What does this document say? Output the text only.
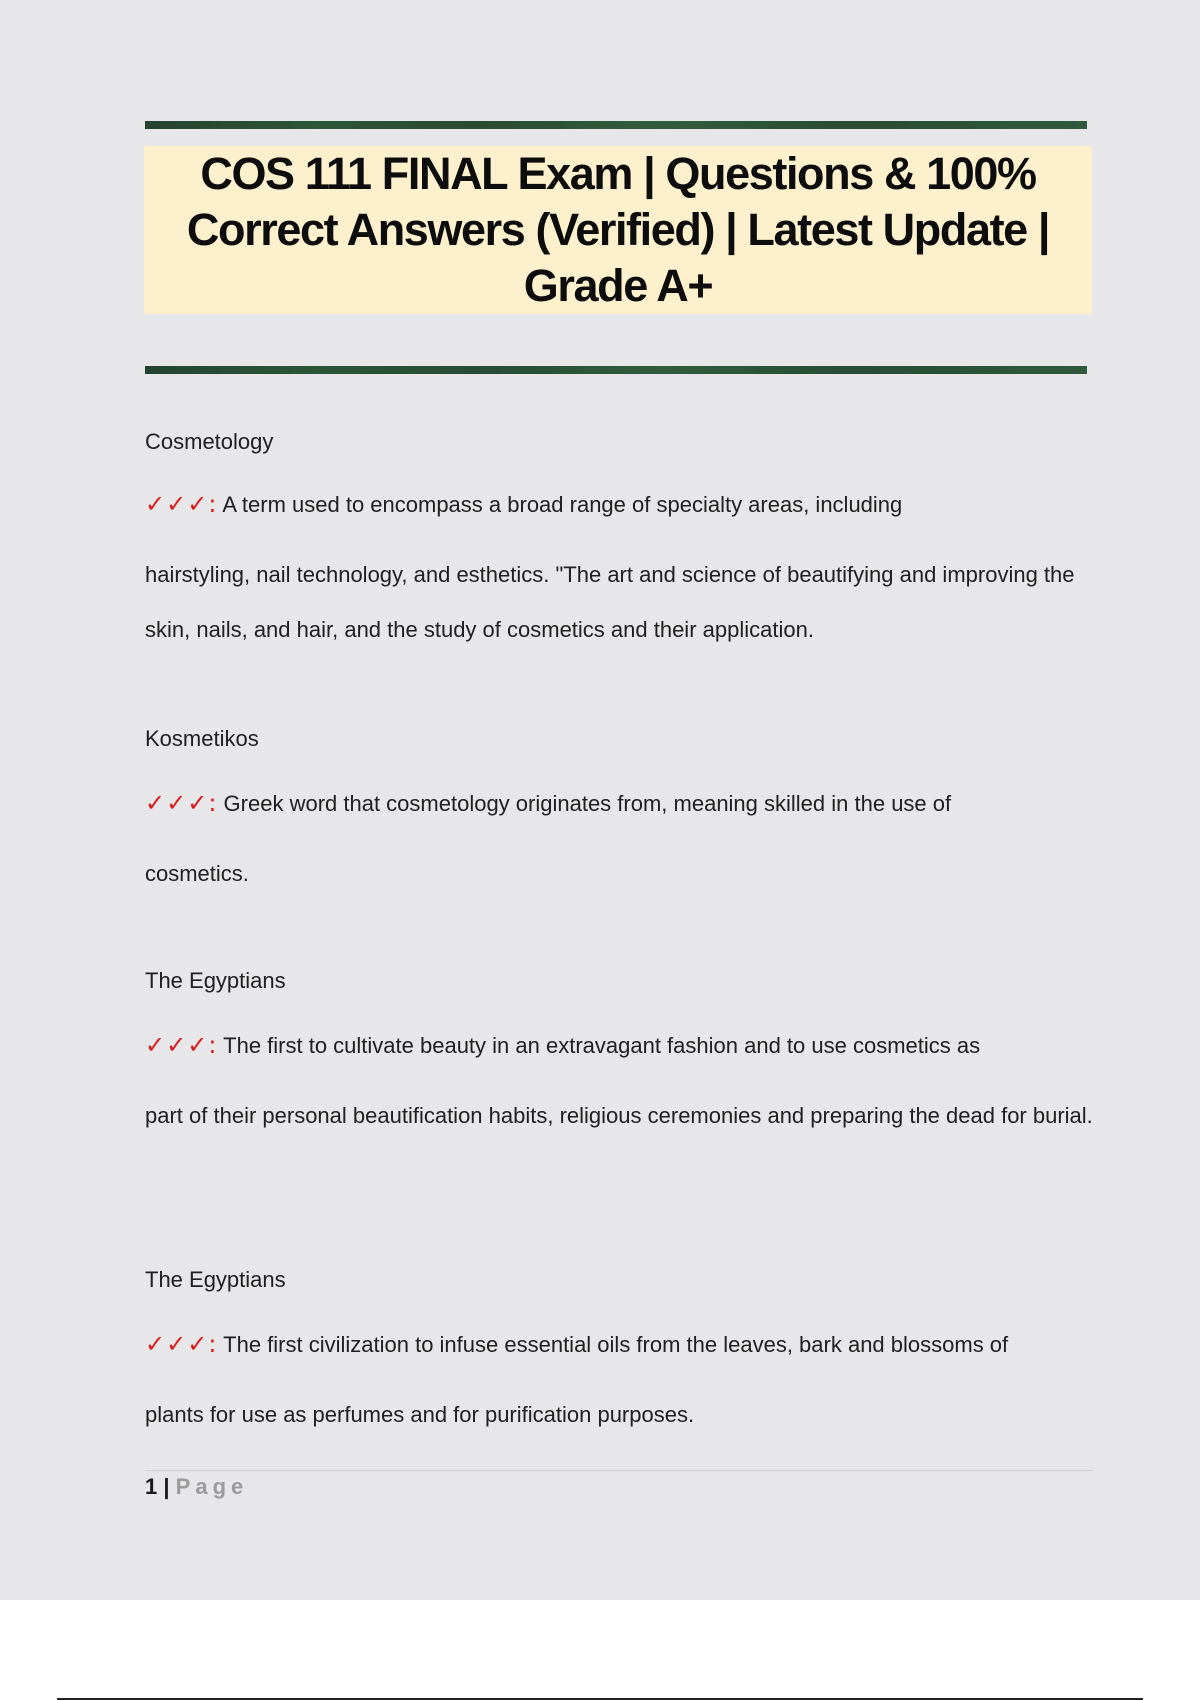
COS 111 FINAL Exam | Questions & 100% Correct Answers (Verified) | Latest Update | Grade A+

Cosmetology

✓✓✓: A term used to encompass a broad range of specialty areas, including

hairstyling, nail technology, and esthetics. "The art and science of beautifying and improving the skin, nails, and hair, and the study of cosmetics and their application.

Kosmetikos

✓✓✓: Greek word that cosmetology originates from, meaning skilled in the use of

cosmetics.

The Egyptians

✓✓✓: The first to cultivate beauty in an extravagant fashion and to use cosmetics as

part of their personal beautification habits, religious ceremonies and preparing the dead for burial.

The Egyptians

✓✓✓: The first civilization to infuse essential oils from the leaves, bark and blossoms of

plants for use as perfumes and for purification purposes.

1 | Page
